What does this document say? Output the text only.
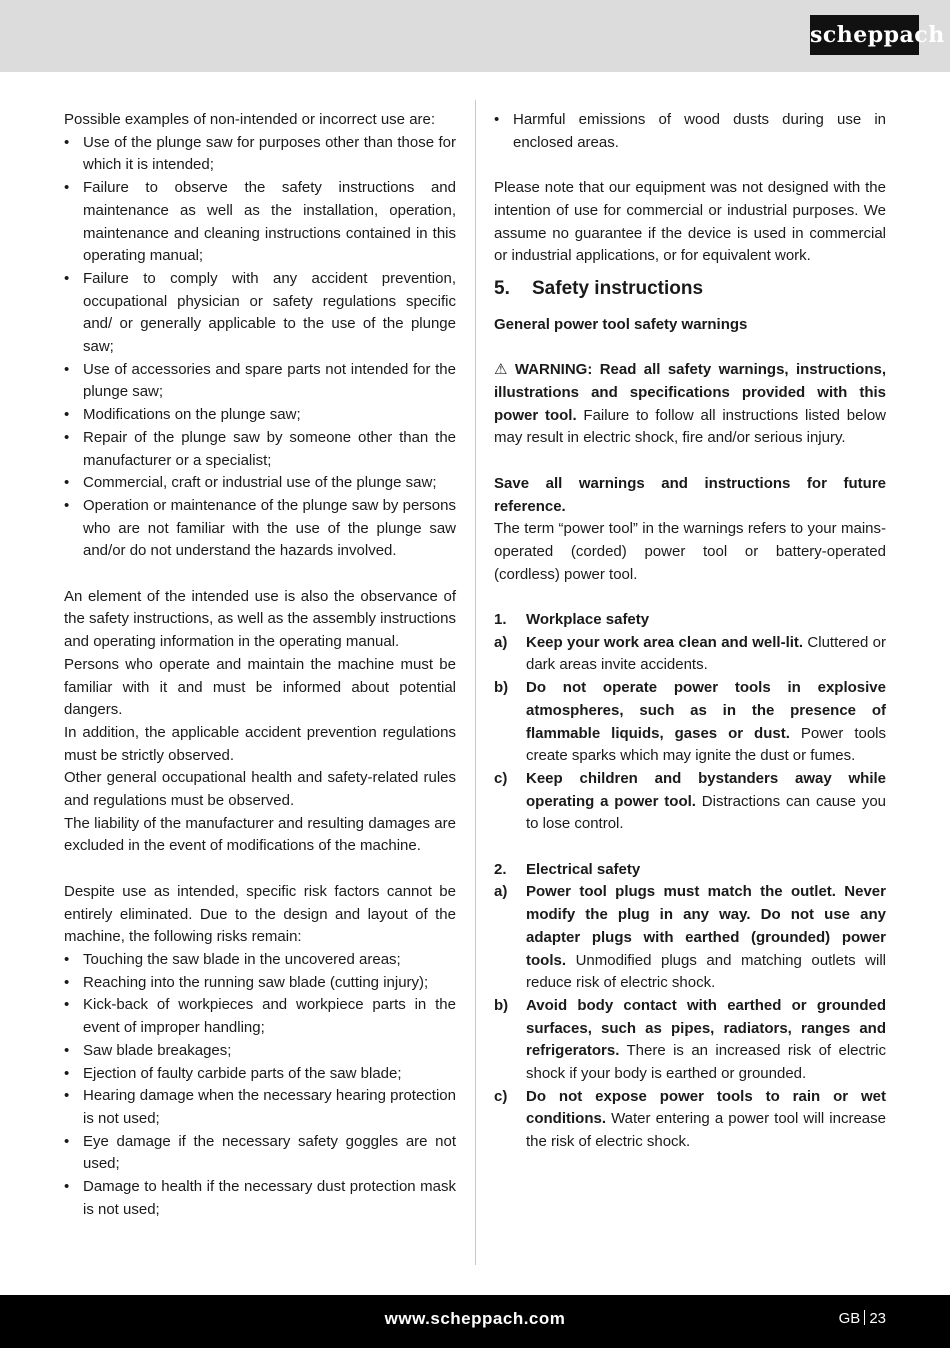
scheppach

Possible examples of non-intended or incorrect use are:

• Use of the plunge saw for purposes other than those for which it is intended;
• Failure to observe the safety instructions and maintenance as well as the installation, operation, maintenance and cleaning instructions contained in this operating manual;
• Failure to comply with any accident prevention, occupational physician or safety regulations specific and/ or generally applicable to the use of the plunge saw;
• Use of accessories and spare parts not intended for the plunge saw;
• Modifications on the plunge saw;
• Repair of the plunge saw by someone other than the manufacturer or a specialist;
• Commercial, craft or industrial use of the plunge saw;
• Operation or maintenance of the plunge saw by persons who are not familiar with the use of the plunge saw and/or do not understand the hazards involved.

An element of the intended use is also the observance of the safety instructions, as well as the assembly instructions and operating information in the operating manual.

Persons who operate and maintain the machine must be familiar with it and must be informed about potential dangers.

In addition, the applicable accident prevention regulations must be strictly observed.

Other general occupational health and safety-related rules and regulations must be observed.

The liability of the manufacturer and resulting damages are excluded in the event of modifications of the machine.

Despite use as intended, specific risk factors cannot be entirely eliminated. Due to the design and layout of the machine, the following risks remain:

• Touching the saw blade in the uncovered areas;
• Reaching into the running saw blade (cutting injury);
• Kick-back of workpieces and workpiece parts in the event of improper handling;
• Saw blade breakages;
• Ejection of faulty carbide parts of the saw blade;
• Hearing damage when the necessary hearing protection is not used;
• Eye damage if the necessary safety goggles are not used;
• Damage to health if the necessary dust protection mask is not used;
• Harmful emissions of wood dusts during use in enclosed areas.

Please note that our equipment was not designed with the intention of use for commercial or industrial purposes. We assume no guarantee if the device is used in commercial or industrial applications, or for equivalent work.

5.	Safety instructions

General power tool safety warnings

⚠ WARNING: Read all safety warnings, instructions, illustrations and specifications provided with this power tool. Failure to follow all instructions listed below may result in electric shock, fire and/or serious injury.

Save all warnings and instructions for future reference.

The term “power tool” in the warnings refers to your mains-operated (corded) power tool or battery-operated (cordless) power tool.

1.	Workplace safety
a)	Keep your work area clean and well-lit. Cluttered or dark areas invite accidents.
b)	Do not operate power tools in explosive atmospheres, such as in the presence of flammable liquids, gases or dust. Power tools create sparks which may ignite the dust or fumes.
c)	Keep children and bystanders away while operating a power tool. Distractions can cause you to lose control.
2.	Electrical safety
a)	Power tool plugs must match the outlet. Never modify the plug in any way. Do not use any adapter plugs with earthed (grounded) power tools. Unmodified plugs and matching outlets will reduce risk of electric shock.
b)	Avoid body contact with earthed or grounded surfaces, such as pipes, radiators, ranges and refrigerators. There is an increased risk of electric shock if your body is earthed or grounded.
c)	Do not expose power tools to rain or wet conditions. Water entering a power tool will increase the risk of electric shock.
www.scheppach.com	GB 23
